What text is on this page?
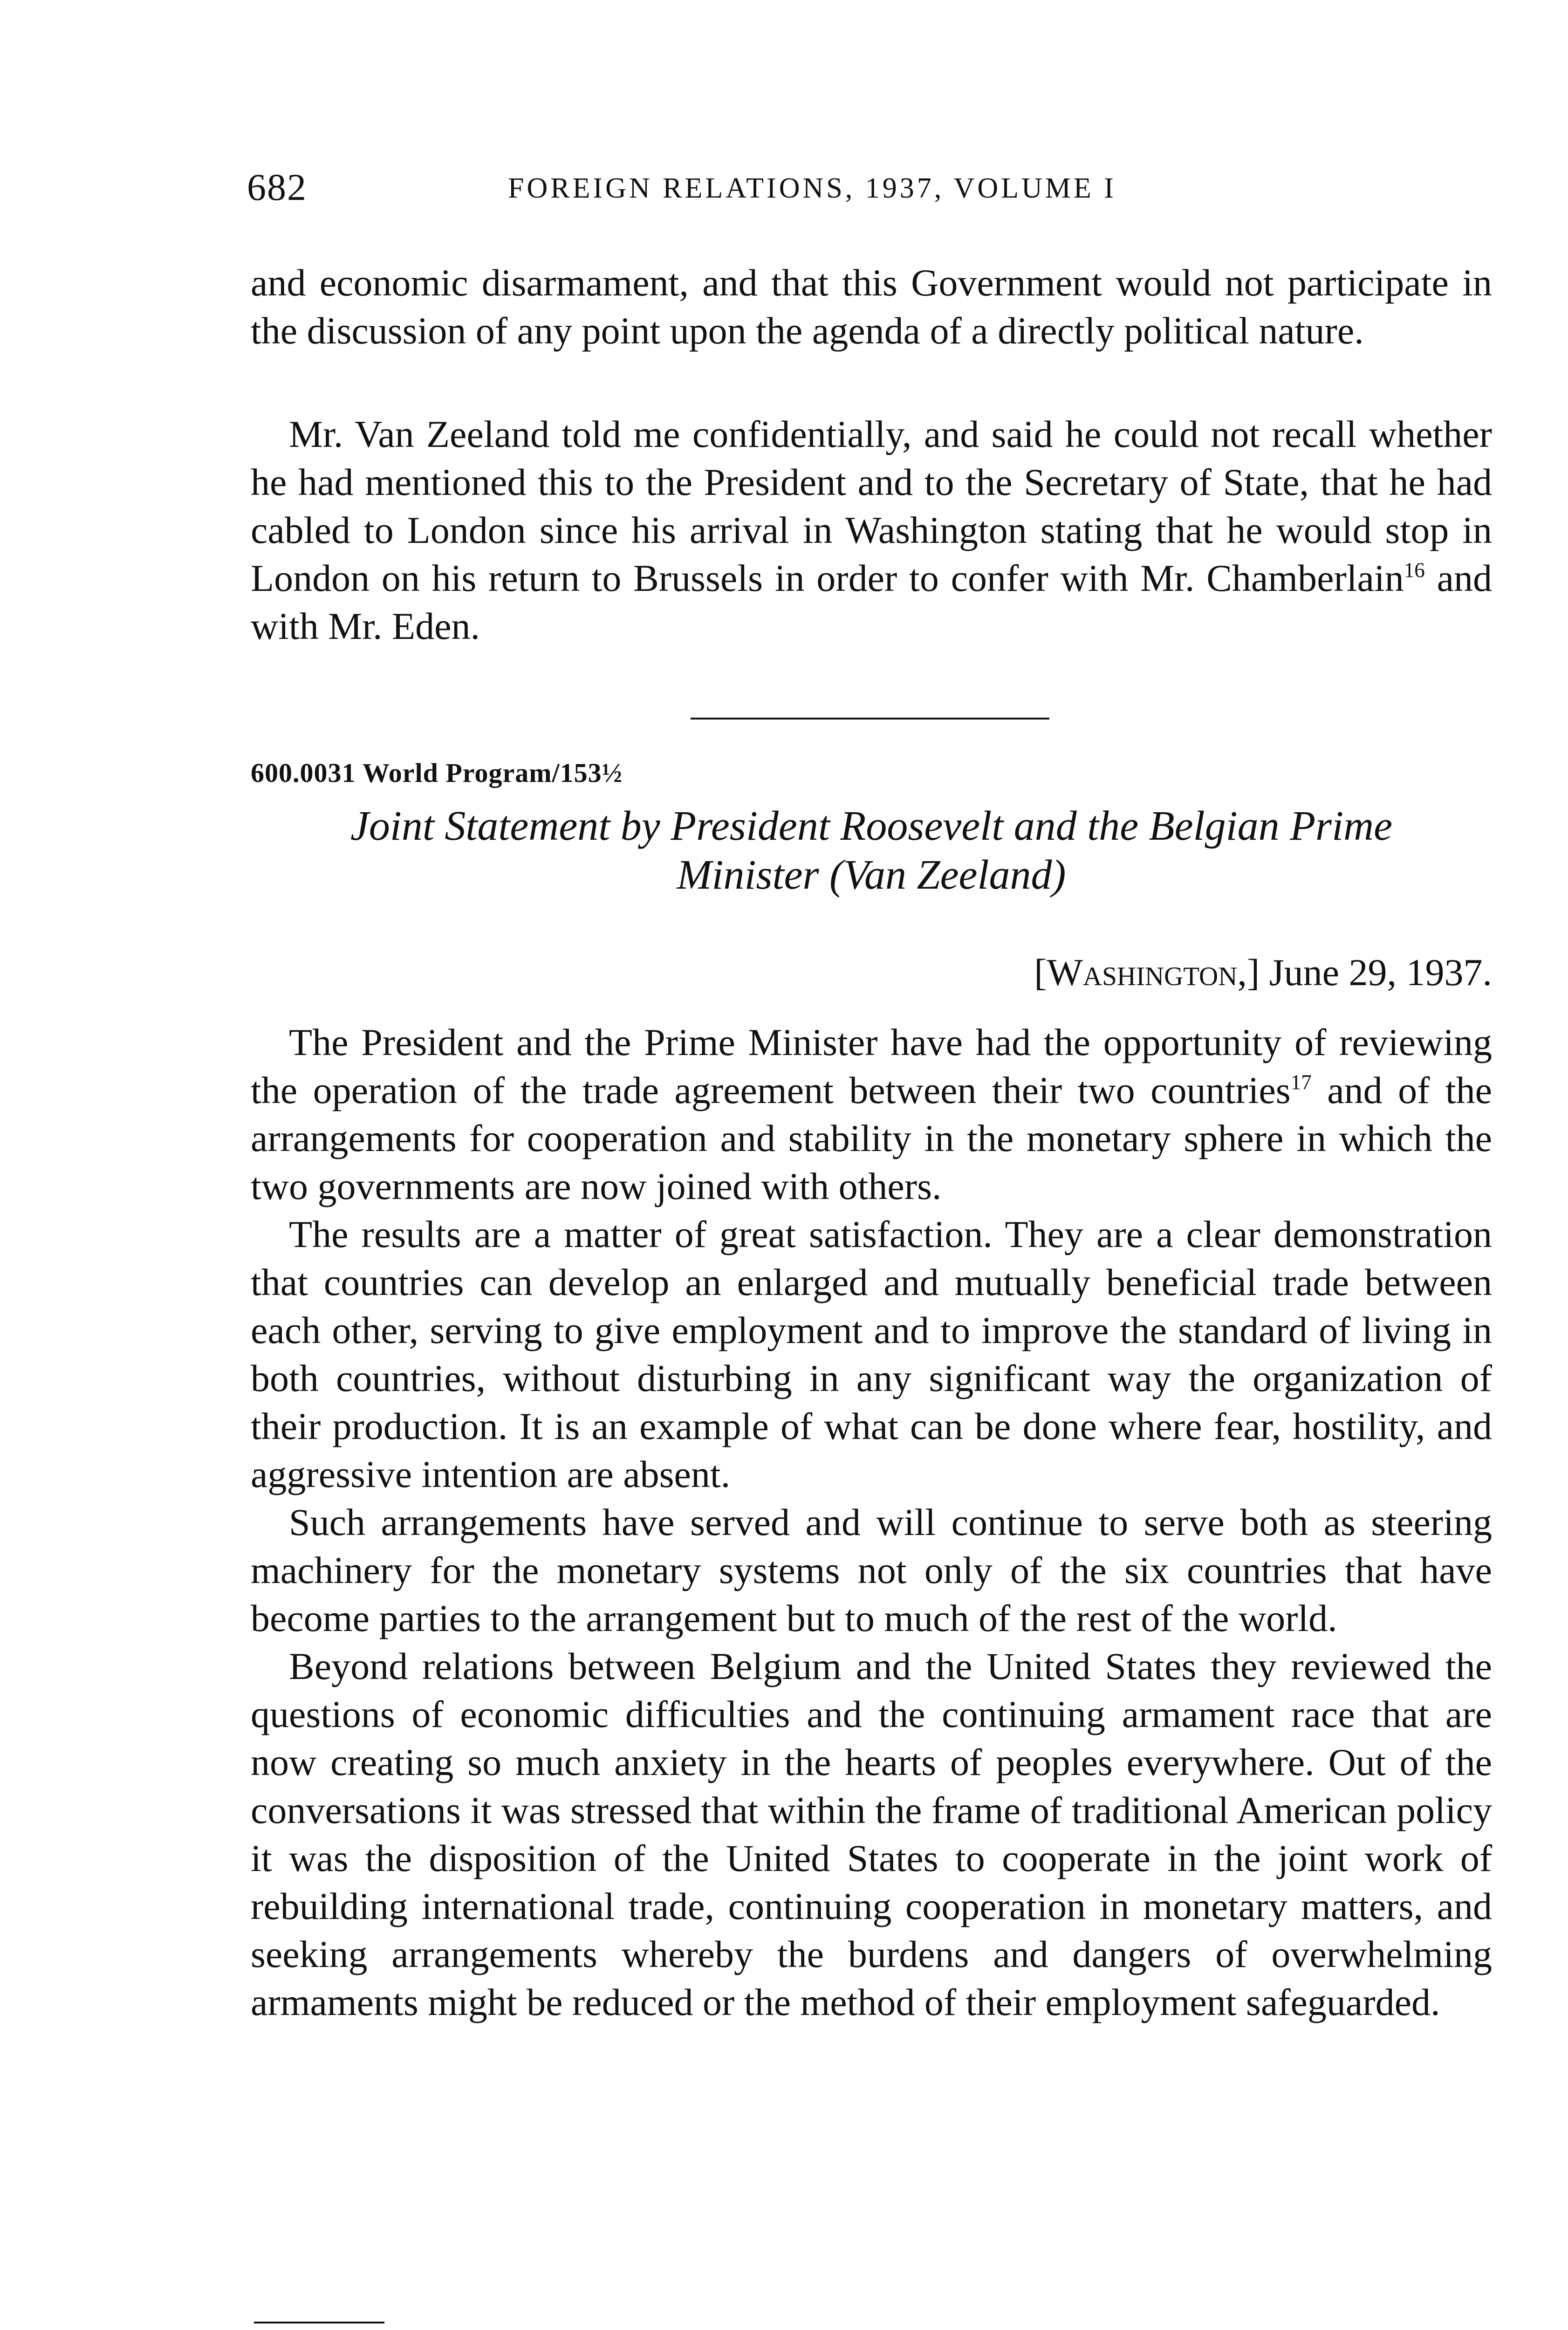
682	FOREIGN RELATIONS, 1937, VOLUME I

and economic disarmament, and that this Government would not participate in the discussion of any point upon the agenda of a directly political nature.

Mr. Van Zeeland told me confidentially, and said he could not recall whether he had mentioned this to the President and to the Secretary of State, that he had cabled to London since his arrival in Washington stating that he would stop in London on his return to Brussels in order to confer with Mr. Chamberlain$^{16}$ and with Mr. Eden.

600.0031 World Program/153½
Joint Statement by President Roosevelt and the Belgian Prime
Minister (Van Zeeland)
[Washington,] June 29, 1937.

The President and the Prime Minister have had the opportunity of reviewing the operation of the trade agreement between their two countries$^{17}$ and of the arrangements for cooperation and stability in the monetary sphere in which the two governments are now joined with others.

The results are a matter of great satisfaction. They are a clear demonstration that countries can develop an enlarged and mutually beneficial trade between each other, serving to give employment and to improve the standard of living in both countries, without disturbing in any significant way the organization of their production. It is an example of what can be done where fear, hostility, and aggressive intention are absent.

Such arrangements have served and will continue to serve both as steering machinery for the monetary systems not only of the six countries that have become parties to the arrangement but to much of the rest of the world.

Beyond relations between Belgium and the United States they reviewed the questions of economic difficulties and the continuing armament race that are now creating so much anxiety in the hearts of peoples everywhere. Out of the conversations it was stressed that within the frame of traditional American policy it was the disposition of the United States to cooperate in the joint work of rebuilding international trade, continuing cooperation in monetary matters, and seeking arrangements whereby the burdens and dangers of overwhelming armaments might be reduced or the method of their employment safeguarded.
